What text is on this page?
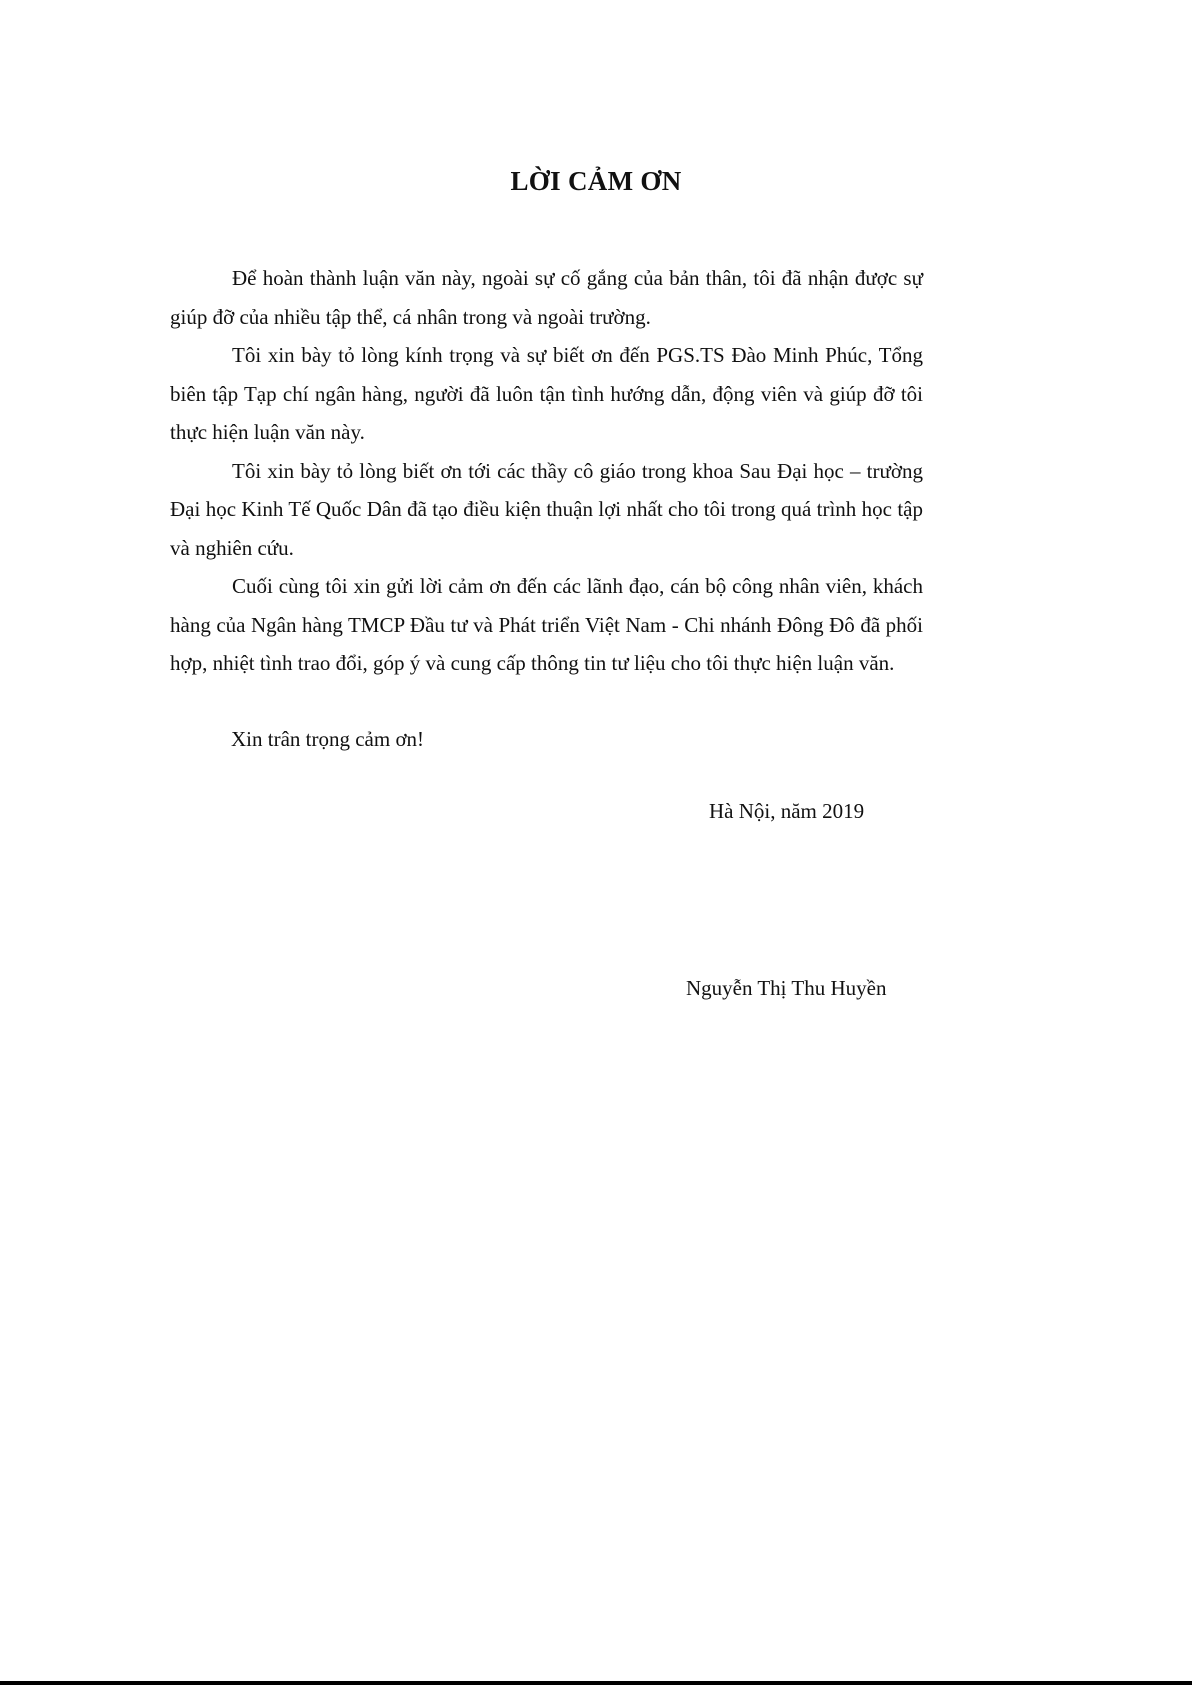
LỜI CẢM ƠN

Để hoàn thành luận văn này, ngoài sự cố gắng của bản thân, tôi đã nhận được sự giúp đỡ của nhiều tập thể, cá nhân trong và ngoài trường.

Tôi xin bày tỏ lòng kính trọng và sự biết ơn đến PGS.TS Đào Minh Phúc, Tổng biên tập Tạp chí ngân hàng, người đã luôn tận tình hướng dẫn, động viên và giúp đỡ tôi thực hiện luận văn này.

Tôi xin bày tỏ lòng biết ơn tới các thầy cô giáo trong khoa Sau Đại học – trường Đại học Kinh Tế Quốc Dân đã tạo điều kiện thuận lợi nhất cho tôi trong quá trình học tập và nghiên cứu.

Cuối cùng tôi xin gửi lời cảm ơn đến các lãnh đạo, cán bộ công nhân viên, khách hàng của Ngân hàng TMCP Đầu tư và Phát triển Việt Nam - Chi nhánh Đông Đô đã phối hợp, nhiệt tình trao đổi, góp ý và cung cấp thông tin tư liệu cho tôi thực hiện luận văn.

Xin trân trọng cảm ơn!

Hà Nội, năm 2019

Nguyễn Thị Thu Huyền
